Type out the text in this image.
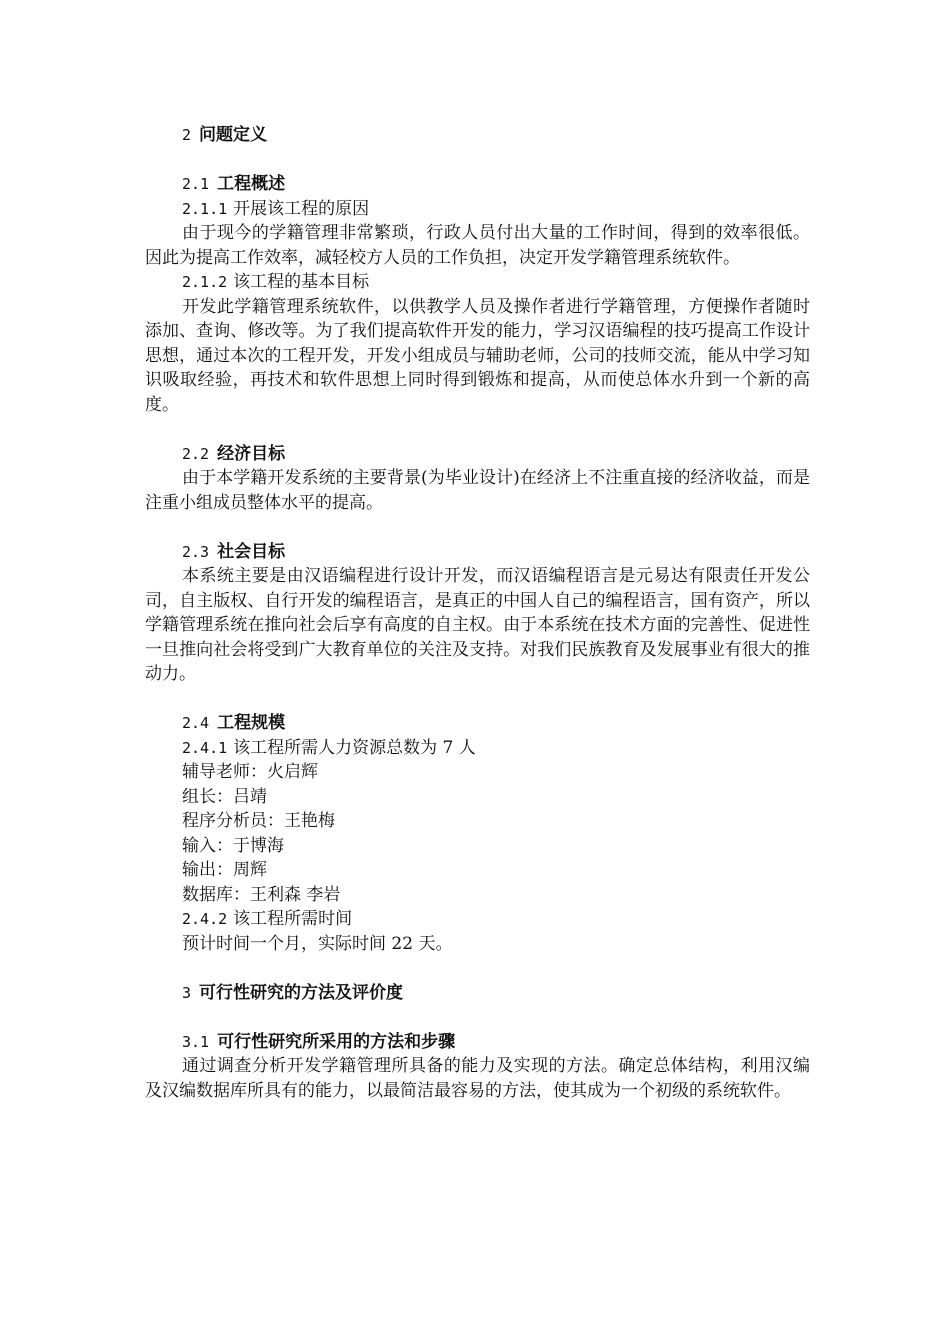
2 问题定义
2.1 工程概述
2.1.1 开展该工程的原因

由于现今的学籍管理非常繁琐，行政人员付出大量的工作时间，得到的效率很低。因此为提高工作效率，减轻校方人员的工作负担，决定开发学籍管理系统软件。

2.1.2 该工程的基本目标

开发此学籍管理系统软件，以供教学人员及操作者进行学籍管理，方便操作者随时添加、查询、修改等。为了我们提高软件开发的能力，学习汉语编程的技巧提高工作设计思想，通过本次的工程开发，开发小组成员与辅助老师，公司的技师交流，能从中学习知识吸取经验，再技术和软件思想上同时得到锻炼和提高，从而使总体水升到一个新的高度。

2.2 经济目标

由于本学籍开发系统的主要背景(为毕业设计)在经济上不注重直接的经济收益，而是注重小组成员整体水平的提高。

2.3 社会目标

本系统主要是由汉语编程进行设计开发，而汉语编程语言是元易达有限责任开发公司，自主版权、自行开发的编程语言，是真正的中国人自己的编程语言，国有资产，所以学籍管理系统在推向社会后享有高度的自主权。由于本系统在技术方面的完善性、促进性一旦推向社会将受到广大教育单位的关注及支持。对我们民族教育及发展事业有很大的推动力。

2.4 工程规模
2.4.1 该工程所需人力资源总数为 7 人
辅导老师：火启辉
组长：吕靖
程序分析员：王艳梅
输入：于博海
输出：周辉
数据库：王利森 李岩
2.4.2 该工程所需时间
预计时间一个月，实际时间 22 天。
3 可行性研究的方法及评价度
3.1 可行性研究所采用的方法和步骤

通过调查分析开发学籍管理所具备的能力及实现的方法。确定总体结构，利用汉编及汉编数据库所具有的能力，以最简洁最容易的方法，使其成为一个初级的系统软件。
